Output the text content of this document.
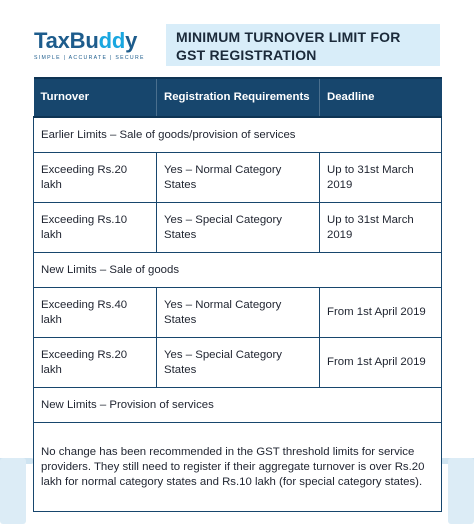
TaxBuddy
SIMPLE | ACCURATE | SECURE
MINIMUM TURNOVER LIMIT FOR GST REGISTRATION
Turnover	Registration Requirements	Deadline
Earlier Limits – Sale of goods/provision of services		
Exceeding Rs.20 lakh	Yes – Normal Category States	Up to 31st March 2019
Exceeding Rs.10 lakh	Yes – Special Category States	Up to 31st March 2019
New Limits – Sale of goods		
Exceeding Rs.40 lakh	Yes – Normal Category States	From 1st April 2019
Exceeding Rs.20 lakh	Yes – Special Category States	From 1st April 2019
New Limits – Provision of services		
No change has been recommended in the GST threshold limits for service providers. They still need to register if their aggregate turnover is over Rs.20 lakh for normal category states and Rs.10 lakh (for special category states).		
